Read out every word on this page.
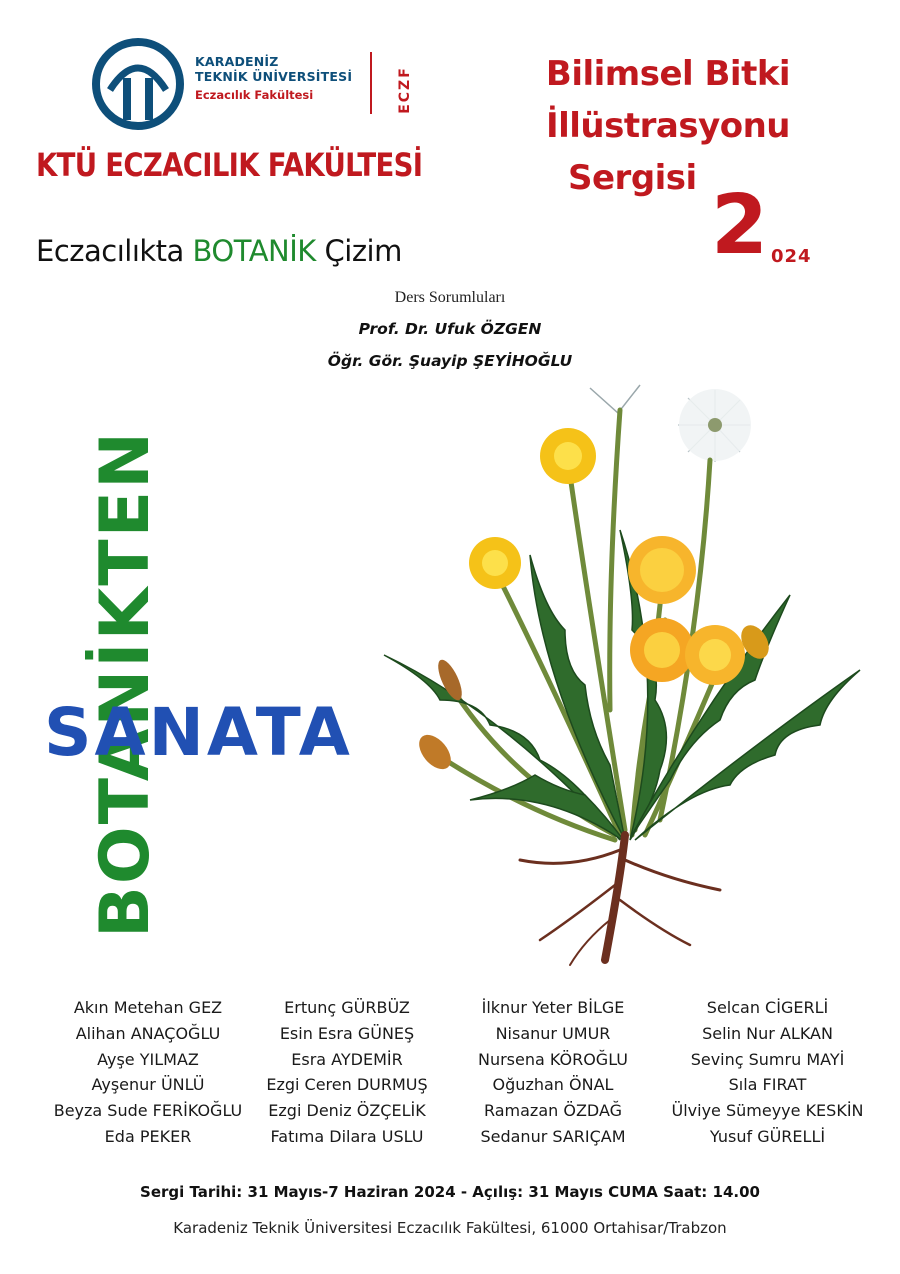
KARADENİZ
TEKNİK ÜNİVERSİTESİ
Eczacılık Fakültesi	ECZF
KTÜ ECZACILIK FAKÜLTESİ
Bilimsel Bitki
İllüstrasyonu
Sergisi 2 024
Eczacılıkta BOTANİK Çizim
Ders Sorumluları
Prof. Dr. Ufuk ÖZGEN
Öğr. Gör. Şuayip ŞEYİHOĞLU
BOTANİKTEN
SANATA
Akın Metehan GEZ
Alihan ANAÇOĞLU
Ayşe YILMAZ
Ayşenur ÜNLÜ
Beyza Sude FERİKOĞLU
Eda PEKER
Ertunç GÜRBÜZ
Esin Esra GÜNEŞ
Esra AYDEMİR
Ezgi Ceren DURMUŞ
Ezgi Deniz ÖZÇELİK
Fatıma Dilara USLU
İlknur Yeter BİLGE
Nisanur UMUR
Nursena KÖROĞLU
Oğuzhan ÖNAL
Ramazan ÖZDAĞ
Sedanur SARIÇAM
Selcan CİGERLİ
Selin Nur ALKAN
Sevinç Sumru MAYİ
Sıla FIRAT
Ülviye Sümeyye KESKİN
Yusuf GÜRELLİ
Sergi Tarihi: 31 Mayıs-7 Haziran 2024 - Açılış: 31 Mayıs CUMA Saat: 14.00
Karadeniz Teknik Üniversitesi Eczacılık Fakültesi, 61000 Ortahisar/Trabzon
